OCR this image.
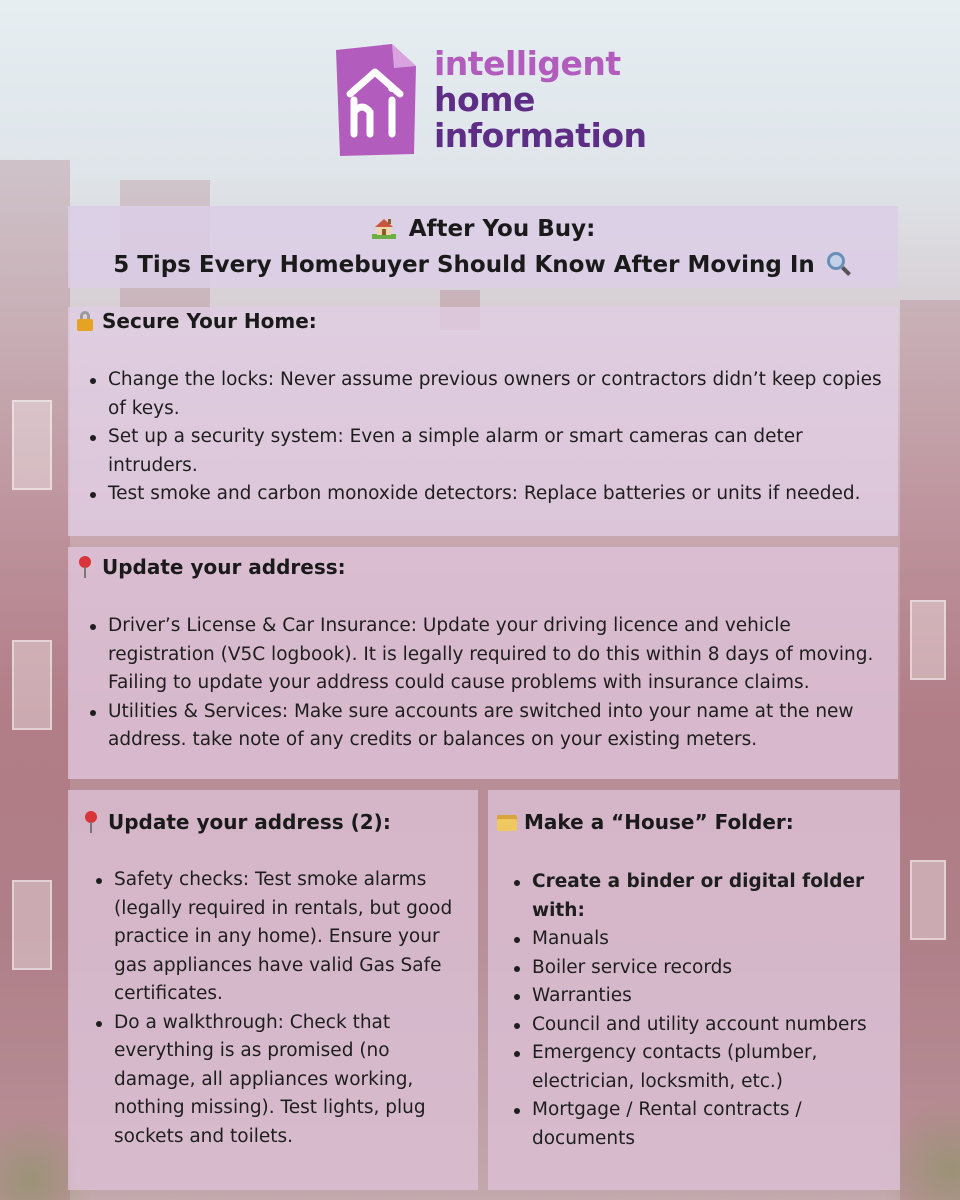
intelligent
home
information
After You Buy:
5 Tips Every Homebuyer Should Know After Moving In
Secure Your Home:
Change the locks: Never assume previous owners or contractors didn’t keep copies of keys.
Set up a security system: Even a simple alarm or smart cameras can deter intruders.
Test smoke and carbon monoxide detectors: Replace batteries or units if needed.
Update your address:
Driver’s License & Car Insurance: Update your driving licence and vehicle registration (V5C logbook). It is legally required to do this within 8 days of moving. Failing to update your address could cause problems with insurance claims.
Utilities & Services: Make sure accounts are switched into your name at the new address. take note of any credits or balances on your existing meters.
Update your address (2):
Safety checks: Test smoke alarms (legally required in rentals, but good practice in any home). Ensure your gas appliances have valid Gas Safe certificates.
Do a walkthrough: Check that everything is as promised (no damage, all appliances working, nothing missing). Test lights, plug sockets and toilets.
Make a “House” Folder:
Create a binder or digital folder with:
Manuals
Boiler service records
Warranties
Council and utility account numbers
Emergency contacts (plumber, electrician, locksmith, etc.)
Mortgage / Rental contracts / documents
